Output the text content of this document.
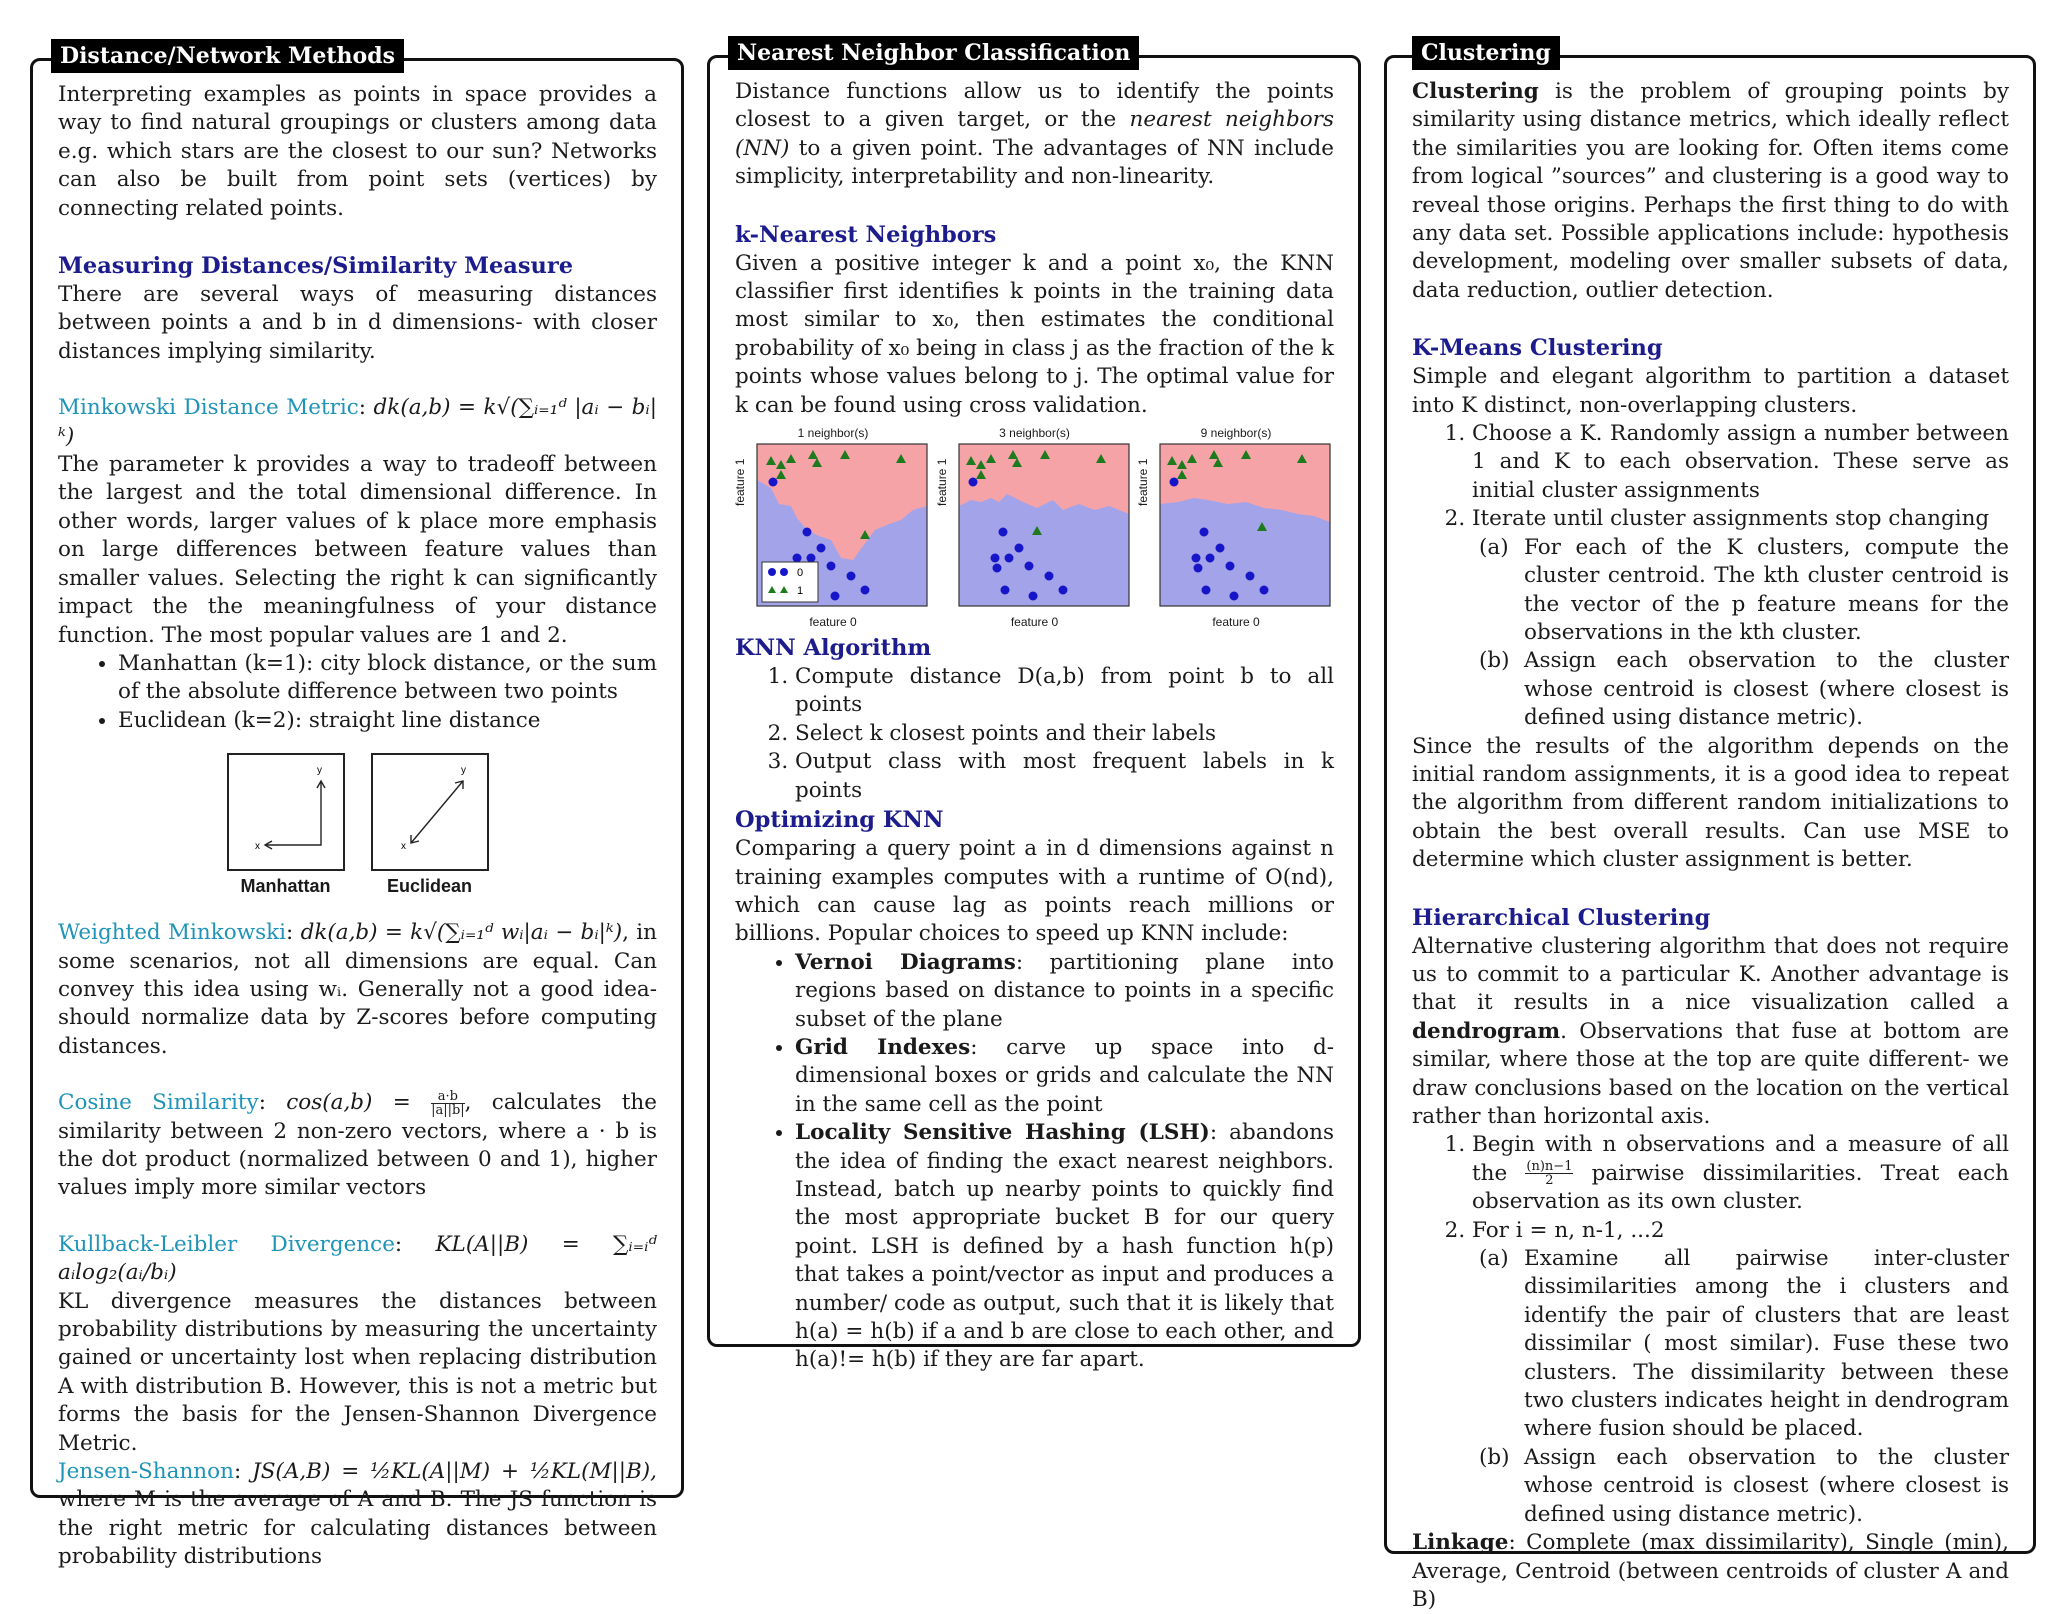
Distance/Network Methods

Interpreting examples as points in space provides a way to find natural groupings or clusters among data e.g. which stars are the closest to our sun? Networks can also be built from point sets (vertices) by connecting related points.

Measuring Distances/Similarity Measure

There are several ways of measuring distances between points a and b in d dimensions- with closer distances implying similarity.

Minkowski Distance Metric: dk(a,b) = k√(∑ᵢ₌₁ᵈ |aᵢ − bᵢ|ᵏ)

The parameter k provides a way to tradeoff between the largest and the total dimensional difference. In other words, larger values of k place more emphasis on large differences between feature values than smaller values. Selecting the right k can significantly impact the the meaningfulness of your distance function. The most popular values are 1 and 2.

• Manhattan (k=1): city block distance, or the sum of the absolute difference between two points
• Euclidean (k=2): straight line distance
x
y
Manhattan
x
y
Euclidean

Weighted Minkowski: dk(a,b) = k√(∑ᵢ₌₁ᵈ wᵢ|aᵢ − bᵢ|ᵏ), in some scenarios, not all dimensions are equal. Can convey this idea using wᵢ. Generally not a good idea- should normalize data by Z-scores before computing distances.

Cosine Similarity: $\cos(a,b) = \frac{a\cdot b}{|a||b|}$ , calculates the similarity between 2 non-zero vectors, where a · b is the dot product (normalized between 0 and 1), higher values imply more similar vectors

Kullback-Leibler Divergence: KL(A||B) = ∑ᵢ₌ᵢᵈ aᵢlog₂(aᵢ/bᵢ)

KL divergence measures the distances between probability distributions by measuring the uncertainty gained or uncertainty lost when replacing distribution A with distribution B. However, this is not a metric but forms the basis for the Jensen-Shannon Divergence Metric.

Jensen-Shannon: JS(A,B) = ½KL(A||M) + ½KL(M||B), where M is the average of A and B. The JS function is the right metric for calculating distances between probability distributions

Nearest Neighbor Classification

Distance functions allow us to identify the points closest to a given target, or the nearest neighbors (NN) to a given point. The advantages of NN include simplicity, interpretability and non-linearity.

k-Nearest Neighbors

Given a positive integer k and a point x₀, the KNN classifier first identifies k points in the training data most similar to x₀, then estimates the conditional probability of x₀ being in class j as the fraction of the k points whose values belong to j. The optimal value for k can be found using cross validation.

1 neighbor(s)
feature 1
0
1
feature 0
3 neighbor(s)
feature 1
feature 0
9 neighbor(s)
feature 1
feature 0
KNN Algorithm
1. Compute distance D(a,b) from point b to all points
2. Select k closest points and their labels
3. Output class with most frequent labels in k points
Optimizing KNN

Comparing a query point a in d dimensions against n training examples computes with a runtime of O(nd), which can cause lag as points reach millions or billions. Popular choices to speed up KNN include:

• Vernoi Diagrams: partitioning plane into regions based on distance to points in a specific subset of the plane
• Grid Indexes: carve up space into d-dimensional boxes or grids and calculate the NN in the same cell as the point
• Locality Sensitive Hashing (LSH): abandons the idea of finding the exact nearest neighbors. Instead, batch up nearby points to quickly find the most appropriate bucket B for our query point. LSH is defined by a hash function h(p) that takes a point/vector as input and produces a number/ code as output, such that it is likely that h(a) = h(b) if a and b are close to each other, and h(a)!= h(b) if they are far apart.
Clustering

Clustering is the problem of grouping points by similarity using distance metrics, which ideally reflect the similarities you are looking for. Often items come from logical ”sources” and clustering is a good way to reveal those origins. Perhaps the first thing to do with any data set. Possible applications include: hypothesis development, modeling over smaller subsets of data, data reduction, outlier detection.

K-Means Clustering

Simple and elegant algorithm to partition a dataset into K distinct, non-overlapping clusters.

1. Choose a K. Randomly assign a number between 1 and K to each observation. These serve as initial cluster assignments
2. Iterate until cluster assignments stop changing
(a) For each of the K clusters, compute the cluster centroid. The kth cluster centroid is the vector of the p feature means for the observations in the kth cluster.
(b) Assign each observation to the cluster whose centroid is closest (where closest is defined using distance metric).

Since the results of the algorithm depends on the initial random assignments, it is a good idea to repeat the algorithm from different random initializations to obtain the best overall results. Can use MSE to determine which cluster assignment is better.

Hierarchical Clustering

Alternative clustering algorithm that does not require us to commit to a particular K. Another advantage is that it results in a nice visualization called a dendrogram. Observations that fuse at bottom are similar, where those at the top are quite different- we draw conclusions based on the location on the vertical rather than horizontal axis.

1. Begin with n observations and a measure of all the $\frac{(n)n-1}{2}$ pairwise dissimilarities. Treat each observation as its own cluster.
2. For i = n, n-1, ...2
(a) Examine all pairwise inter-cluster dissimilarities among the i clusters and identify the pair of clusters that are least dissimilar ( most similar). Fuse these two clusters. The dissimilarity between these two clusters indicates height in dendrogram where fusion should be placed.
(b) Assign each observation to the cluster whose centroid is closest (where closest is defined using distance metric).

Linkage: Complete (max dissimilarity), Single (min), Average, Centroid (between centroids of cluster A and B)
